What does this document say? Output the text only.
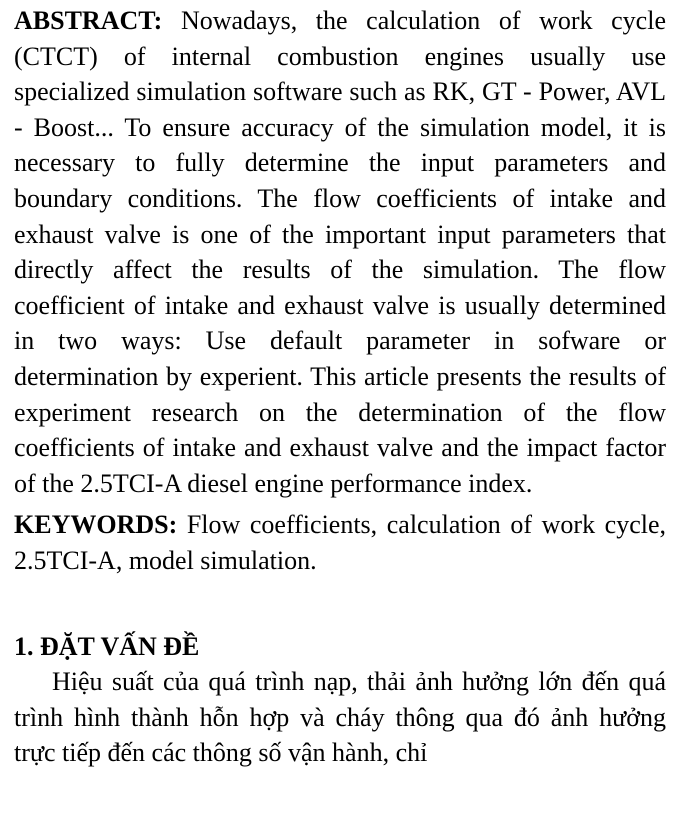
ABSTRACT: Nowadays, the calculation of work cycle (CTCT) of internal combustion engines usually use specialized simulation software such as RK, GT - Power, AVL - Boost... To ensure accuracy of the simulation model, it is necessary to fully determine the input parameters and boundary conditions. The flow coefficients of intake and exhaust valve is one of the important input parameters that directly affect the results of the simulation. The flow coefficient of intake and exhaust valve is usually determined in two ways: Use default parameter in sofware or determination by experient. This article presents the results of experiment research on the determination of the flow coefficients of intake and exhaust valve and the impact factor of the 2.5TCI-A diesel engine performance index.

KEYWORDS: Flow coefficients, calculation of work cycle, 2.5TCI-A, model simulation.

1. ĐẶT VẤN ĐỀ

Hiệu suất của quá trình nạp, thải ảnh hưởng lớn đến quá trình hình thành hỗn hợp và cháy thông qua đó ảnh hưởng trực tiếp đến các thông số vận hành, chỉ
